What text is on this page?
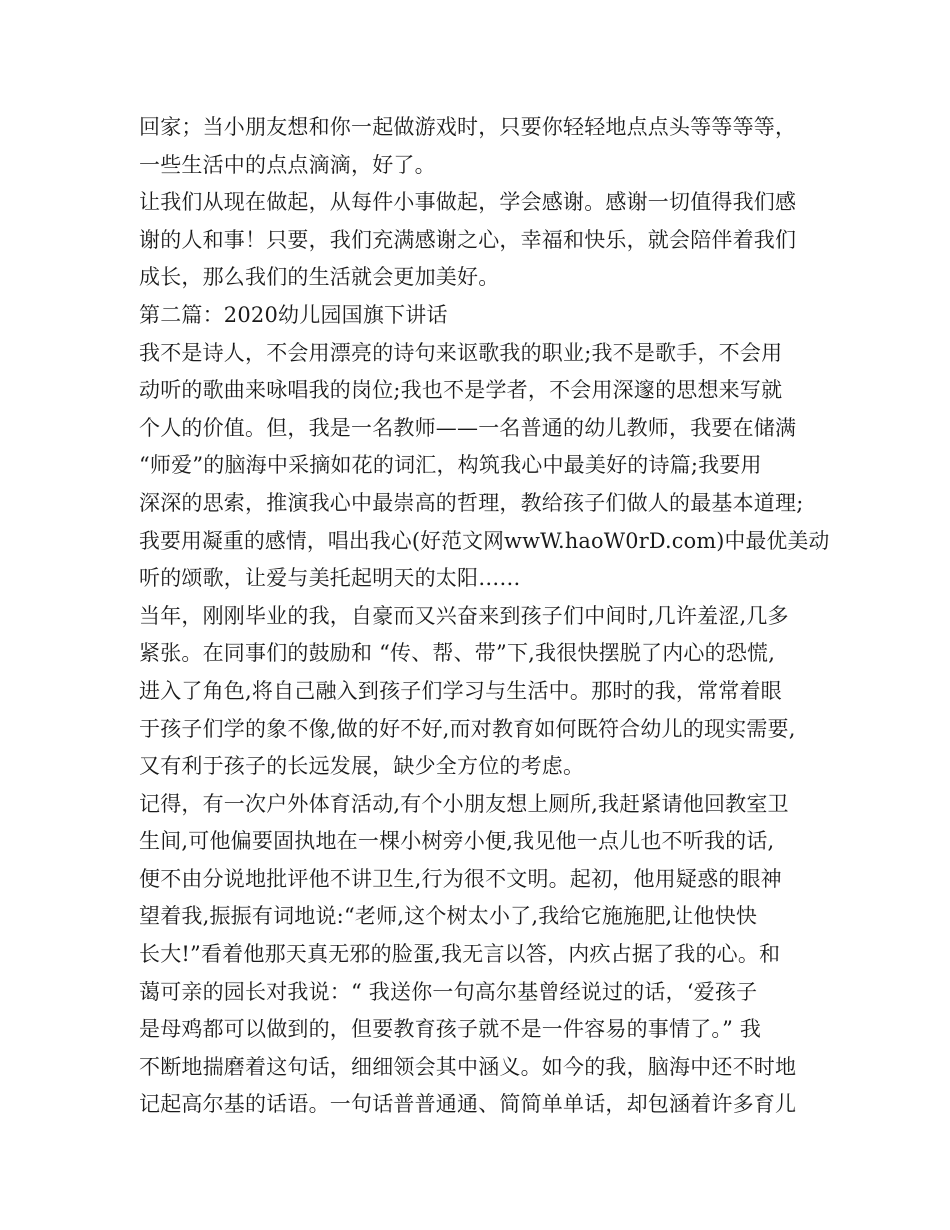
回家；当小朋友想和你一起做游戏时，只要你轻轻地点点头等等等等，
一些生活中的点点滴滴，好了。
让我们从现在做起，从每件小事做起，学会感谢。感谢一切值得我们感
谢的人和事！只要，我们充满感谢之心，幸福和快乐，就会陪伴着我们
成长，那么我们的生活就会更加美好。
第二篇：2020幼儿园国旗下讲话
我不是诗人，不会用漂亮的诗句来讴歌我的职业;我不是歌手，不会用
动听的歌曲来咏唱我的岗位;我也不是学者，不会用深邃的思想来写就
个人的价值。但，我是一名教师——一名普通的幼儿教师，我要在储满
“师爱”的脑海中采摘如花的词汇，构筑我心中最美好的诗篇;我要用
深深的思索，推演我心中最崇高的哲理，教给孩子们做人的最基本道理;
我要用凝重的感情，唱出我心(好范文网wwW.haoW0rD.com)中最优美动
听的颂歌，让爱与美托起明天的太阳……
当年，刚刚毕业的我，自豪而又兴奋来到孩子们中间时,几许羞涩,几多
紧张。在同事们的鼓励和 “传、帮、带”下,我很快摆脱了内心的恐慌,
进入了角色,将自己融入到孩子们学习与生活中。那时的我，常常着眼
于孩子们学的象不像,做的好不好,而对教育如何既符合幼儿的现实需要,
又有利于孩子的长远发展，缺少全方位的考虑。
记得，有一次户外体育活动,有个小朋友想上厕所,我赶紧请他回教室卫
生间,可他偏要固执地在一棵小树旁小便,我见他一点儿也不听我的话,
便不由分说地批评他不讲卫生,行为很不文明。起初，他用疑惑的眼神
望着我,振振有词地说:“老师,这个树太小了,我给它施施肥,让他快快
长大!”看着他那天真无邪的脸蛋,我无言以答，内疚占据了我的心。和
蔼可亲的园长对我说：“ 我送你一句高尔基曾经说过的话，‘爱孩子
是母鸡都可以做到的，但要教育孩子就不是一件容易的事情了。” 我
不断地揣磨着这句话，细细领会其中涵义。如今的我，脑海中还不时地
记起高尔基的话语。一句话普普通通、简简单单话，却包涵着许多育儿
